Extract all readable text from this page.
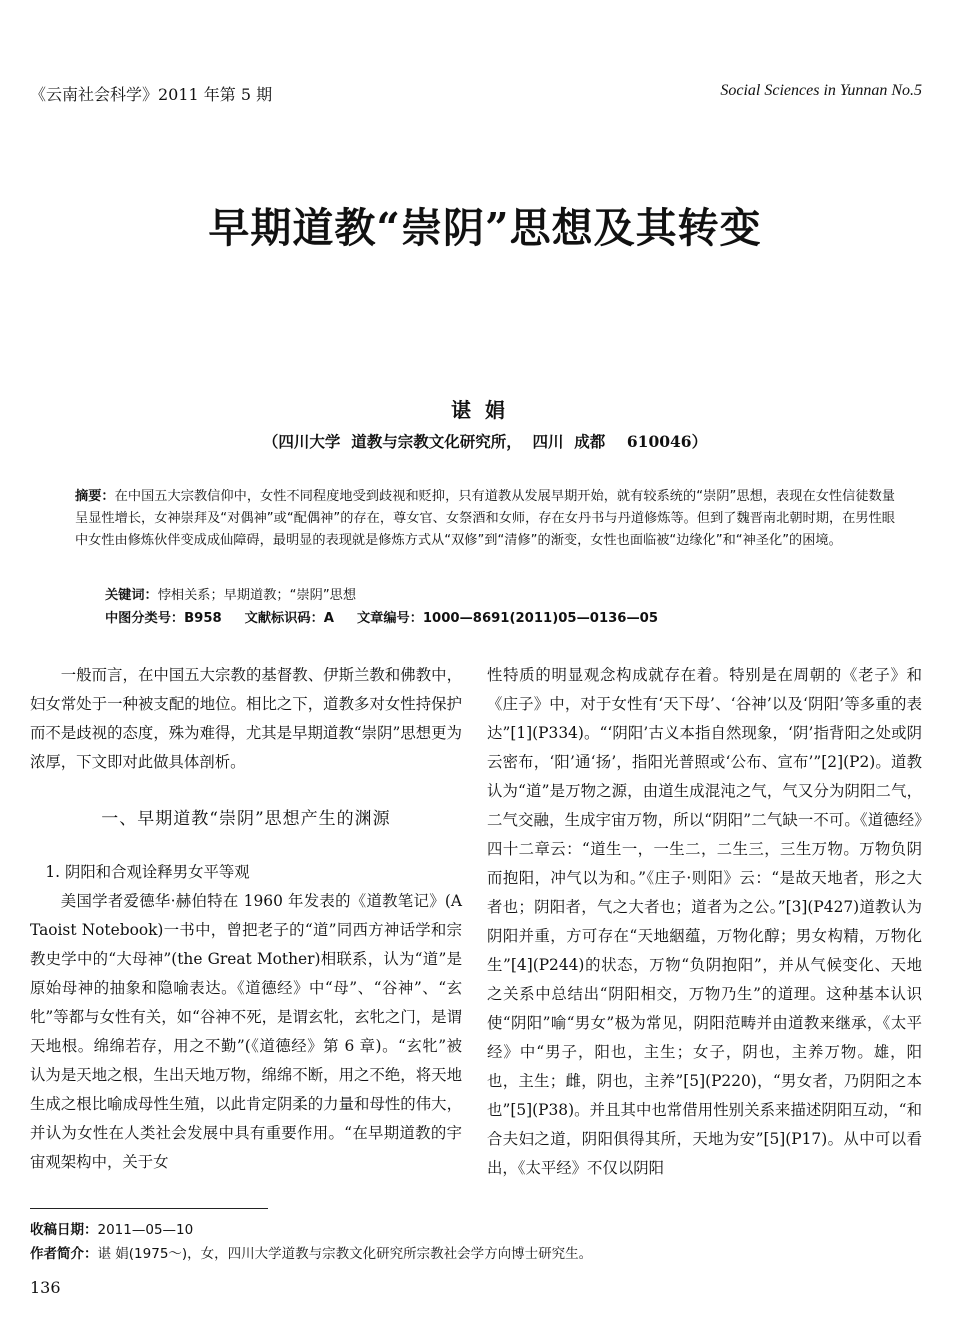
《云南社会科学》2011 年第 5 期	Social Sciences in Yunnan No.5
早期道教“崇阴”思想及其转变
谌娟
（四川大学  道教与宗教文化研究所，  四川  成都    610046）
摘要：在中国五大宗教信仰中，女性不同程度地受到歧视和贬抑，只有道教从发展早期开始，就有较系统的“崇阴”思想，表现在女性信徒数量呈显性增长，女神崇拜及“对偶神”或“配偶神”的存在，尊女官、女祭酒和女师，存在女丹书与丹道修炼等。但到了魏晋南北朝时期，在男性眼中女性由修炼伙伴变成成仙障碍，最明显的表现就是修炼方式从“双修”到“清修”的渐变，女性也面临被“边缘化”和“神圣化”的困境。
关键词：悖相关系；早期道教；“崇阴”思想
中图分类号：B958     文献标识码：A     文章编号：1000—8691(2011)05—0136—05

一般而言，在中国五大宗教的基督教、伊斯兰教和佛教中，妇女常处于一种被支配的地位。相比之下，道教多对女性持保护而不是歧视的态度，殊为难得，尤其是早期道教“崇阴”思想更为浓厚，下文即对此做具体剖析。

一、早期道教“崇阴”思想产生的渊源

1. 阴阳和合观诠释男女平等观

美国学者爱德华·赫伯特在 1960 年发表的《道教笔记》(A Taoist Notebook)一书中，曾把老子的“道”同西方神话学和宗教史学中的“大母神”(the Great Mother)相联系，认为“道”是原始母神的抽象和隐喻表达。《道德经》中“母”、“谷神”、“玄牝”等都与女性有关，如“谷神不死，是谓玄牝，玄牝之门，是谓天地根。绵绵若存，用之不勤”(《道德经》第 6 章)。“玄牝”被认为是天地之根，生出天地万物，绵绵不断，用之不绝，将天地生成之根比喻成母性生殖，以此肯定阴柔的力量和母性的伟大，并认为女性在人类社会发展中具有重要作用。“在早期道教的宇宙观架构中，关于女

性特质的明显观念构成就存在着。特别是在周朝的《老子》和《庄子》中，对于女性有‘天下母’、‘谷神’以及‘阴阳’等多重的表达”[1](P334)。“‘阴阳’古义本指自然现象，‘阴’指背阳之处或阴云密布，‘阳’通‘扬’，指阳光普照或‘公布、宣布’”[2](P2)。道教认为“道”是万物之源，由道生成混沌之气，气又分为阴阳二气，二气交融，生成宇宙万物，所以“阴阳”二气缺一不可。《道德经》四十二章云：“道生一，一生二，二生三，三生万物。万物负阴而抱阳，冲气以为和。”《庄子·则阳》云：“是故天地者，形之大者也；阴阳者，气之大者也；道者为之公。”[3](P427)道教认为阴阳并重，方可存在“天地絪蕴，万物化醇；男女构精，万物化生”[4](P244)的状态，万物“负阴抱阳”，并从气候变化、天地之关系中总结出“阴阳相交，万物乃生”的道理。这种基本认识使“阴阳”喻“男女”极为常见，阴阳范畴并由道教来继承，《太平经》中“男子，阳也，主生；女子，阴也，主养万物。雄，阳也，主生；雌，阴也，主养”[5](P220)，“男女者，乃阴阳之本也”[5](P38)。并且其中也常借用性别关系来描述阴阳互动，“和合夫妇之道，阴阳俱得其所，天地为安”[5](P17)。从中可以看出，《太平经》不仅以阴阳

收稿日期：2011—05—10
作者简介：谌 娟(1975～)，女，四川大学道教与宗教文化研究所宗教社会学方向博士研究生。
136
